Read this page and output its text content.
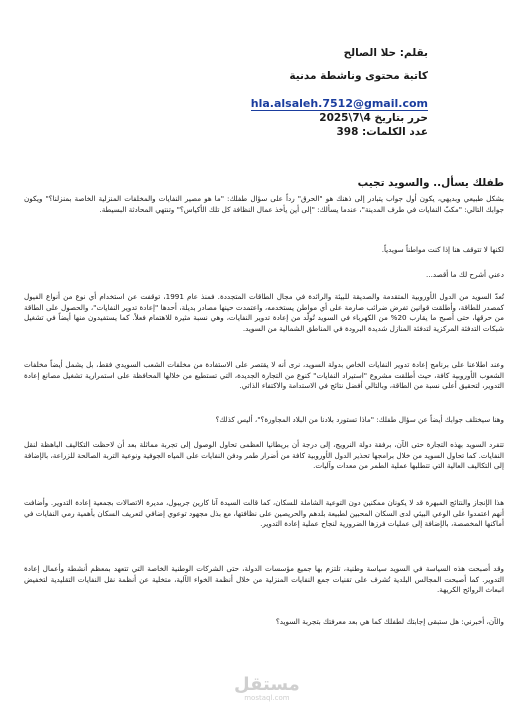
بقلم: حلا الصالح
كاتبة محتوى وناشطة مدنية
hla.alsaleh.7512@gmail.com
حرر بتاريخ 4\7\2025
عدد الكلمات: 398
طفلك يسأل.. والسويد تجيب
بشكل طبيعي وبديهي، يكون أول جواب يتبادر إلى ذهنك هو "الحرق" رداً على سؤال طفلك: "ما هو مصير النفايات والمخلفات المنزلية الخاصة بمنزلنا؟" ويكون جوابك التالي: "مكبّ النفايات في طرف المدينة"، عندما يسألك: "إلى أين يأخذ عمال النظافة كل تلك الأكياس؟" وتنتهي المحادثة البسيطة.
لكنها لا تتوقف هنا إذا كنت مواطناً سويدياً.
دعني أشرح لك ما أقصد...
تُعدّ السويد من الدول الأوروبية المتقدمة والصديقة للبيئة والرائدة في مجال الطاقات المتجددة. فمنذ عام 1991، توقفت عن استخدام أي نوع من أنواع الفيول كمصدر للطاقة، وأطلقت قوانين تفرض ضرائب صارمة على أي مواطن يستخدمه، واعتمدت حينها مصادر بديلة، أحدها "إعادة تدوير النفايات"، والحصول على الطاقة من حرقها، حتى أصبح ما يقارب 20% من الكهرباء في السويد تُولّد من إعادة تدوير النفايات، وهي نسبة مثيرة للاهتمام فعلاً. كما يستفيدون منها أيضاً في تشغيل شبكات التدفئة المركزية لتدفئة المنازل شديدة البرودة في المناطق الشمالية من السويد.
وعند اطلاعنا على برنامج إعادة تدوير النفايات الخاص بدولة السويد، نرى أنه لا يقتصر على الاستفادة من مخلفات الشعب السويدي فقط، بل يشمل أيضاً مخلفات الشعوب الأوروبية كافة، حيث أطلقت مشروع "استيراد النفايات" كنوع من التجارة الجديدة، التي تستطيع من خلالها المحافظة على استمرارية تشغيل مصانع إعادة التدوير، لتحقيق أعلى نسبة من الطاقة، وبالتالي أفضل نتائج في الاستدامة والاكتفاء الذاتي.
وهنا سيختلف جوابك أيضاً عن سؤال طفلك: "ماذا تستورد بلادنا من البلاد المجاورة؟"، أليس كذلك؟
تتفرد السويد بهذه التجارة حتى الآن، برفقة دولة النرويج، إلى درجة أن بريطانيا العظمى تحاول الوصول إلى تجربة مماثلة بعد أن لاحظت التكاليف الباهظة لنقل النفايات. كما تحاول السويد من خلال برامجها تحذير الدول الأوروبية كافة من أضرار طمر ودفن النفايات على المياه الجوفية ونوعية التربة الصالحة للزراعة، بالإضافة إلى التكاليف العالية التي تتطلبها عملية الطمر من معدات وآليات.
هذا الإنجاز والنتائج المبهرة قد لا يكونان ممكنين دون التوعية الشاملة للسكان، كما قالت السيدة آنا كارين جريبول، مديرة الاتصالات بجمعية إعادة التدوير. وأضافت أنهم اعتمدوا على الوعي البيئي لدى السكان المحبين لطبيعة بلدهم والحريصين على نظافتها، مع بذل مجهود توعوي إضافي لتعريف السكان بأهمية رمي النفايات في أماكنها المخصصة، بالإضافة إلى عمليات فرزها الضرورية لنجاح عملية إعادة التدوير.
وقد أصبحت هذه السياسة في السويد سياسة وطنية، تلتزم بها جميع مؤسسات الدولة، حتى الشركات الوطنية الخاصة التي تتعهد بمعظم أنشطة وأعمال إعادة التدوير. كما أصبحت المجالس البلدية تُشرف على تقنيات جمع النفايات المنزلية من خلال أنظمة الخواء الآلية، متخلية عن أنظمة نقل النفايات التقليدية لتخفيض انبعاث الروائح الكريهة.
والآن، أخبرني: هل ستبقى إجابتك لطفلك كما هي بعد معرفتك بتجربة السويد؟
مستقل
mostaql.com
